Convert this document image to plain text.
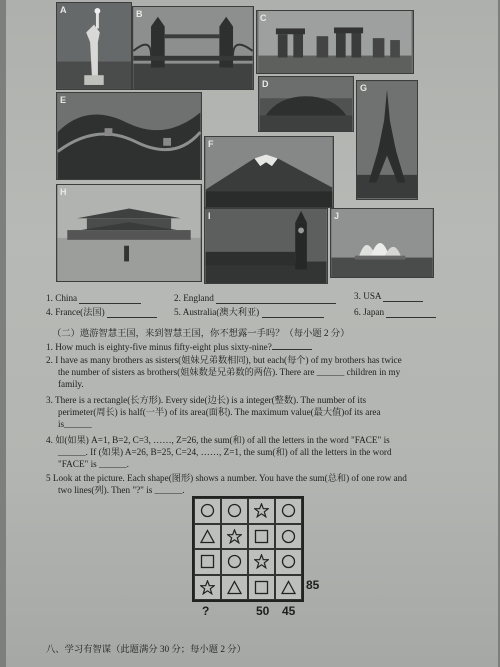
A	B	C
D
E
F
G
H
I	J
1. China	2. England	3. USA
4. France(法国)	5. Australia(澳大利亚)	6. Japan
（二）遨游智慧王国，来到智慧王国，你不想露一手吗？（每小题 2 分）
1. How much is eighty-five minus fifty-eight plus sixty-nine?
2. I have as many brothers as sisters(姐妹兄弟数相同), but each(每个) of my brothers has twice
the number of sisters as brothers(姐妹数是兄弟数的两倍). There are ______ children in my
family.
3. There is a rectangle(长方形). Every side(边长) is a integer(整数). The number of its
perimeter(周长) is half(一半) of its area(面积). The maximum value(最大值)of its area
is______
4. 如(如果) A=1, B=2, C=3, ……, Z=26, the sum(和) of all the letters in the word "FACE" is
______. If (如果) A=26, B=25, C=24, ……, Z=1, the sum(和) of all the letters in the word
"FACE" is ______.
5 Look at the picture. Each shape(图形) shows a number. You have the sum(总和) of one row and
two lines(列). Then "?" is ______.
85
?	50 45
八、学习有智谋（此题满分 30 分；每小题 2 分）
